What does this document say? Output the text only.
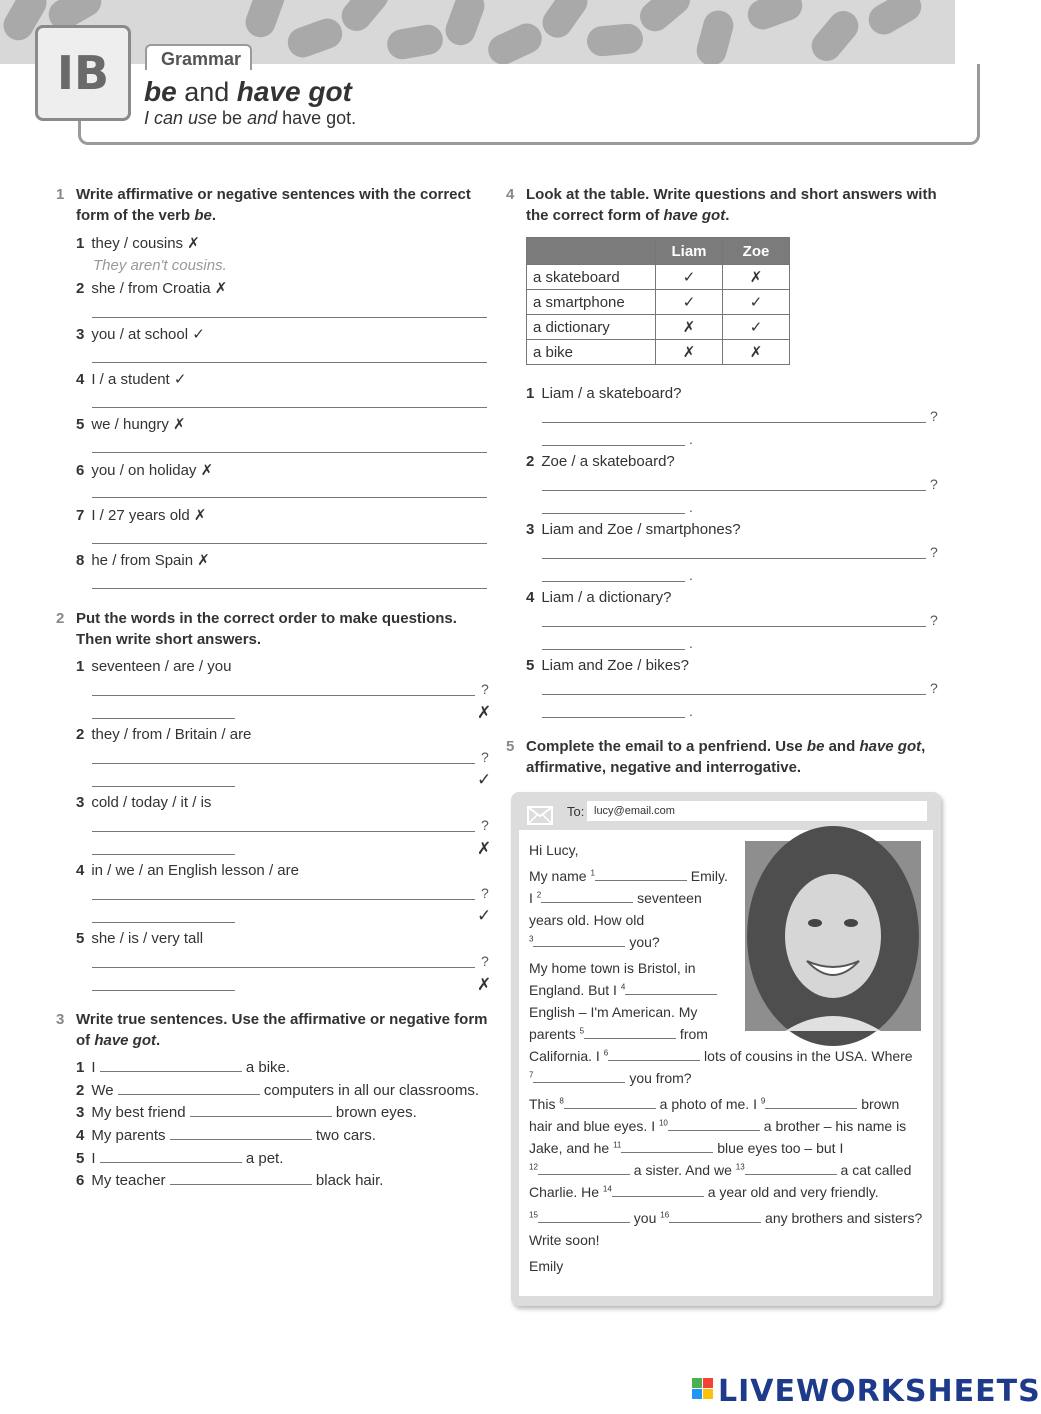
IB	Grammar
be and have got
I can use be and have got.
1 Write affirmative or negative sentences with the correct form of the verb be.
1 they / cousins ✗
They aren't cousins.
2 she / from Croatia ✗
3 you / at school ✓
4 I / a student ✓
5 we / hungry ✗
6 you / on holiday ✗
7 I / 27 years old ✗
8 he / from Spain ✗
2 Put the words in the correct order to make questions. Then write short answers.
1 seventeen / are / you
?
✗
2 they / from / Britain / are
?
✓
3 cold / today / it / is
?
✗
4 in / we / an English lesson / are
?
✓
5 she / is / very tall
?
✗
3 Write true sentences. Use the affirmative or negative form of have got.
1 I	a bike.
2 We	computers in all our classrooms.
3 My best friend	brown eyes.
4 My parents	two cars.
5 I	a pet.
6 My teacher	black hair.
4 Look at the table. Write questions and short answers with the correct form of have got.
	Liam	Zoe
a skateboard	✓	✗
a smartphone	✓	✓
a dictionary	✗	✓
a bike	✗	✗
1 Liam / a skateboard?
?
.
2 Zoe / a skateboard?
?
.
3 Liam and Zoe / smartphones?
?
.
4 Liam / a dictionary?
?
.
5 Liam and Zoe / bikes?
?
.
5 Complete the email to a penfriend. Use be and have got,
affirmative, negative and interrogative.
To: lucy@email.com
Hi Lucy,
My name $^1$	Emily.
I $^2$	seventeen
years old. How old
$^3$	you?
My home town is Bristol, in
England. But I $^4$
English – I'm American. My
parents $^5$	from
California. I $^6$	lots of cousins in the USA. Where
$^7$	you from?
This $^8$	a photo of me. I $^9$	brown
hair and blue eyes. I $^{10}$	a brother – his name is
Jake, and he $^{11}$	blue eyes too – but I
$^{12}$	a sister. And we $^{13}$	a cat called
Charlie. He $^{14}$	a year old and very friendly.
$^{15}$	you $^{16}$	any brothers and sisters?
Write soon!
Emily
LIVEWORKSHEETS
